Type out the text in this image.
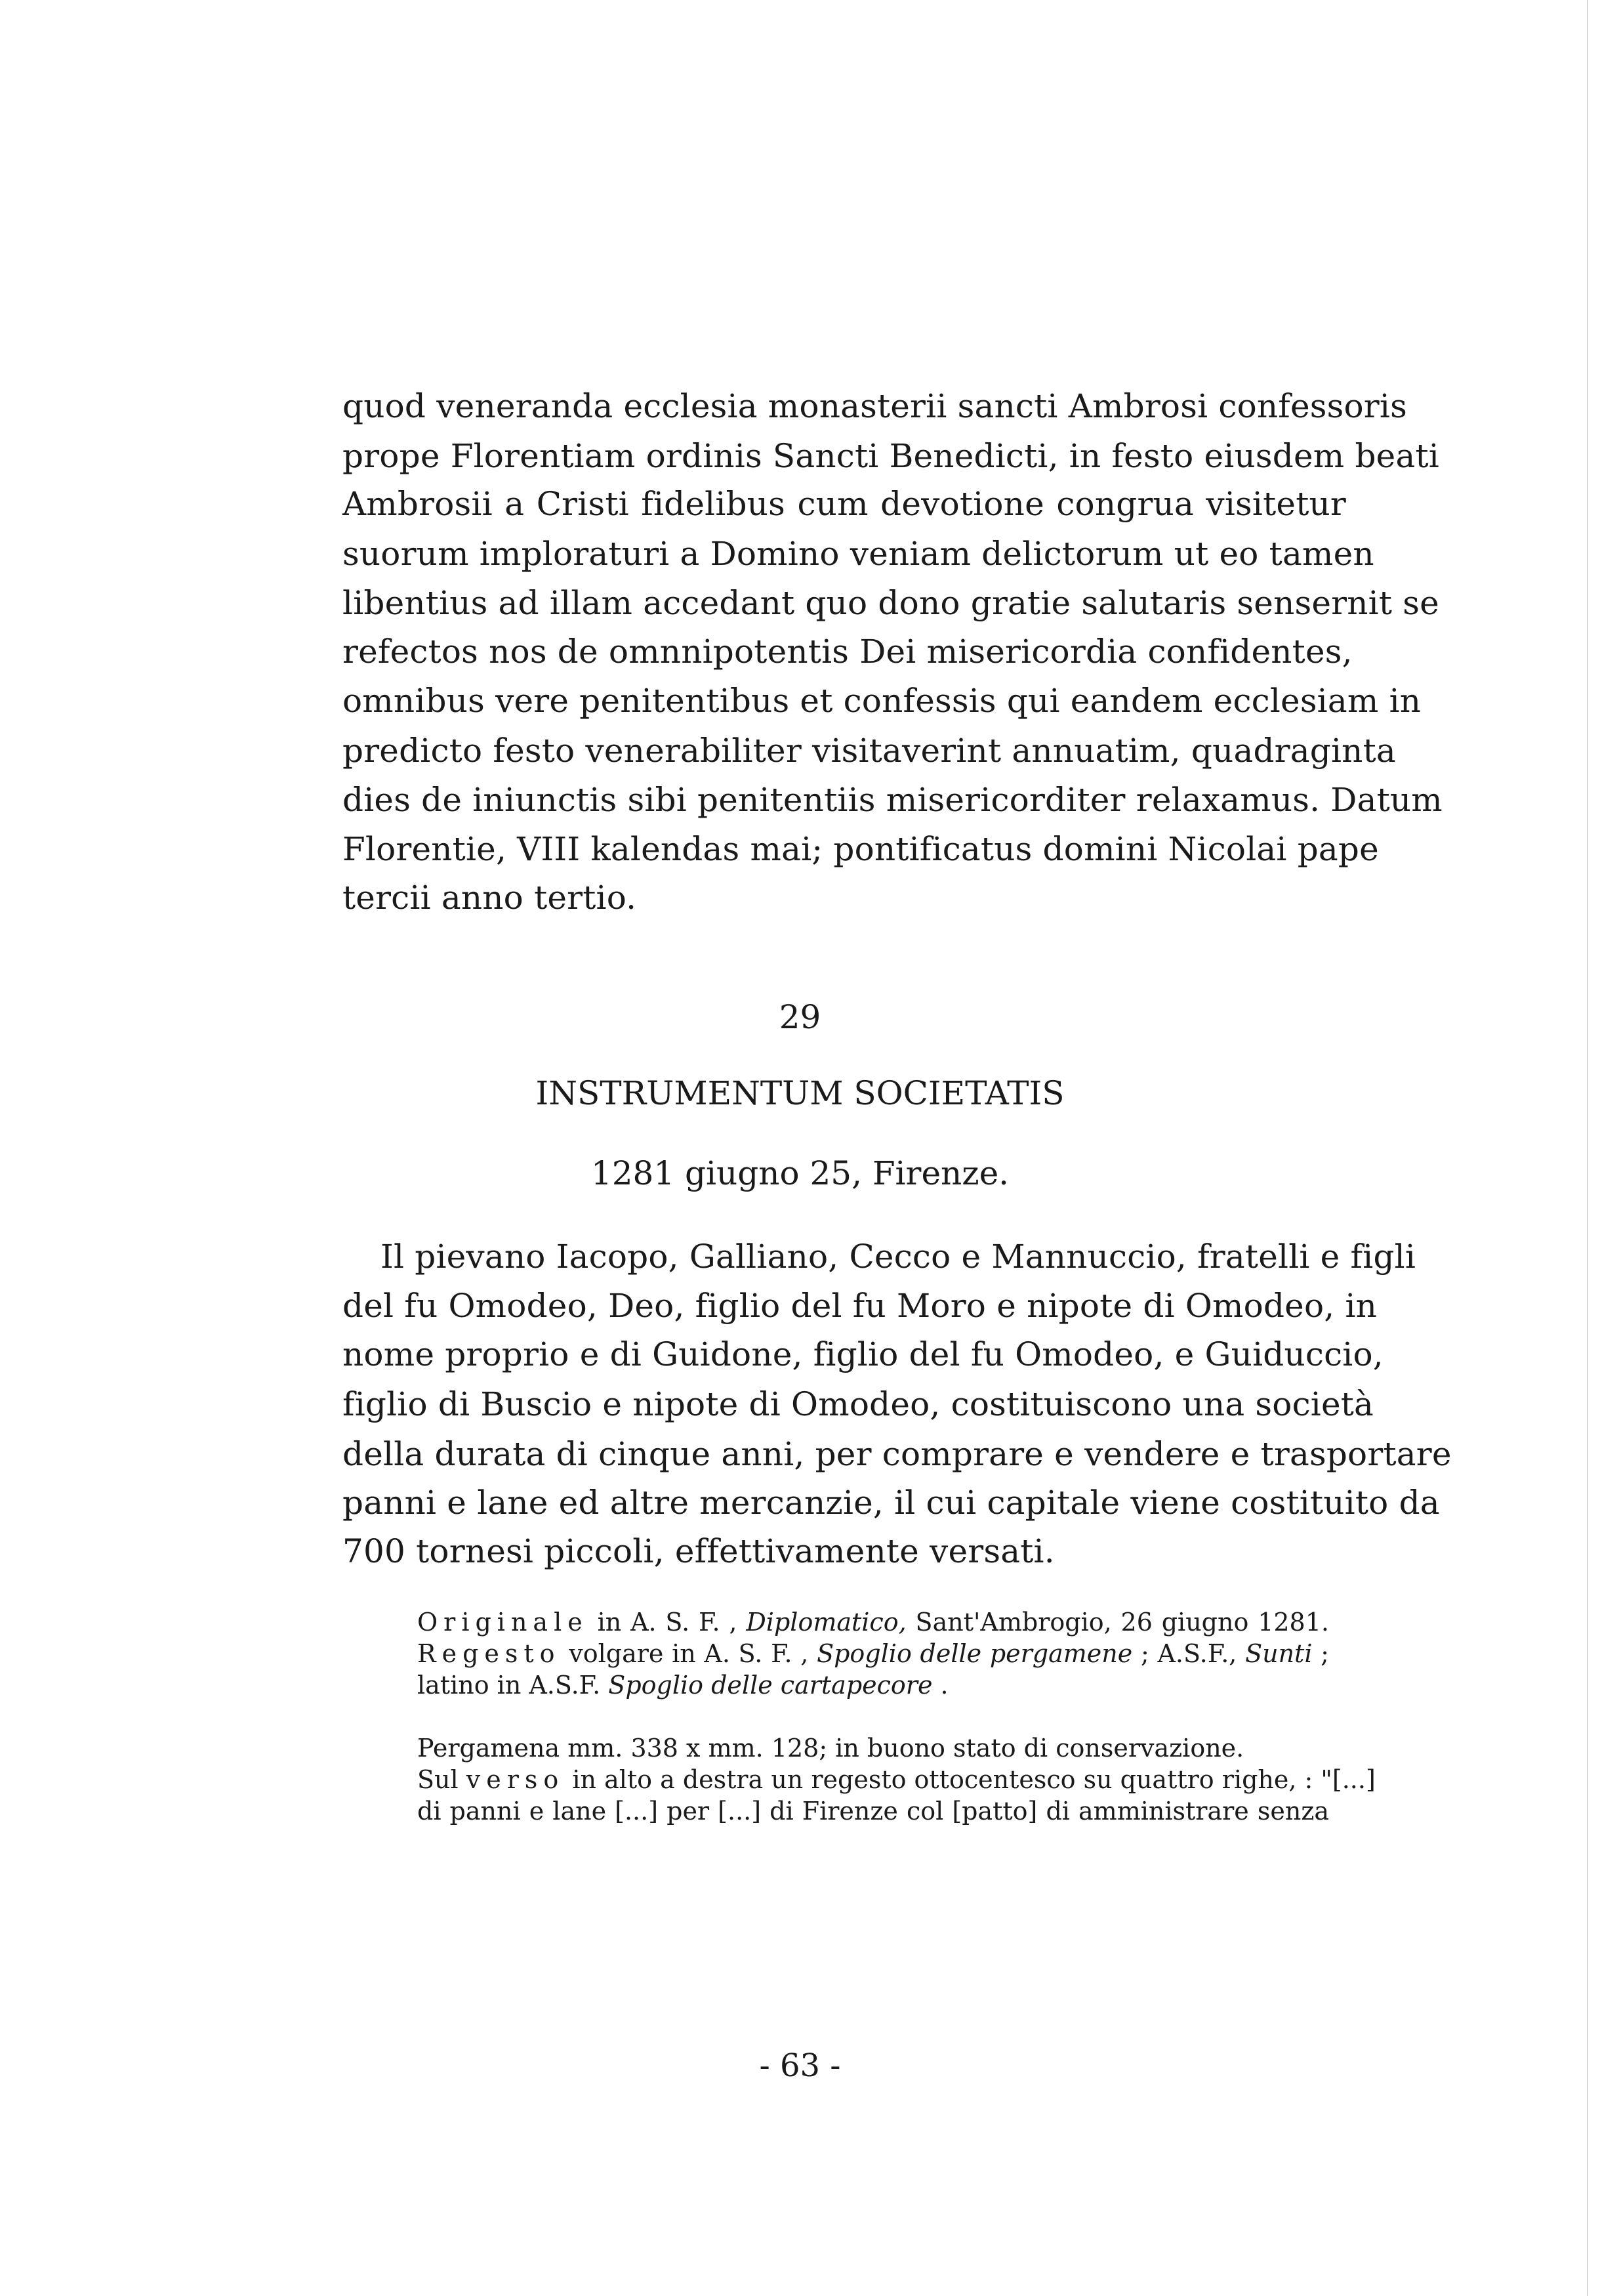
quod veneranda ecclesia monasterii sancti Ambrosi confessoris
prope Florentiam ordinis Sancti Benedicti, in festo eiusdem beati
Ambrosii a Cristi fidelibus cum devotione congrua visitetur
suorum imploraturi a Domino veniam delictorum ut eo tamen
libentius ad illam accedant quo dono gratie salutaris sensernit se
refectos nos de omnnipotentis Dei misericordia confidentes,
omnibus vere penitentibus et confessis qui eandem ecclesiam in
predicto festo venerabiliter visitaverint annuatim, quadraginta
dies de iniunctis sibi penitentiis misericorditer relaxamus. Datum
Florentie, VIII kalendas mai; pontificatus domini Nicolai pape
tercii anno tertio.
29
INSTRUMENTUM SOCIETATIS
1281 giugno 25, Firenze.
Il pievano Iacopo, Galliano, Cecco e Mannuccio, fratelli e figli
del fu Omodeo, Deo, figlio del fu Moro e nipote di Omodeo, in
nome proprio e di Guidone, figlio del fu Omodeo, e Guiduccio,
figlio di Buscio e nipote di Omodeo, costituiscono una società
della durata di cinque anni, per comprare e vendere e trasportare
panni e lane ed altre mercanzie, il cui capitale viene costituito da
700 tornesi piccoli, effettivamente versati.
Originale in A. S. F. , Diplomatico, Sant'Ambrogio, 26 giugno 1281.
Regesto volgare in A. S. F. , Spoglio delle pergamene ; A.S.F., Sunti ;
latino in A.S.F. Spoglio delle cartapecore .
Pergamena mm. 338 x mm. 128; in buono stato di conservazione.
Sul verso in alto a destra un regesto ottocentesco su quattro righe, : "[...]
di panni e lane [...] per [...] di Firenze col [patto] di amministrare senza
- 63 -
